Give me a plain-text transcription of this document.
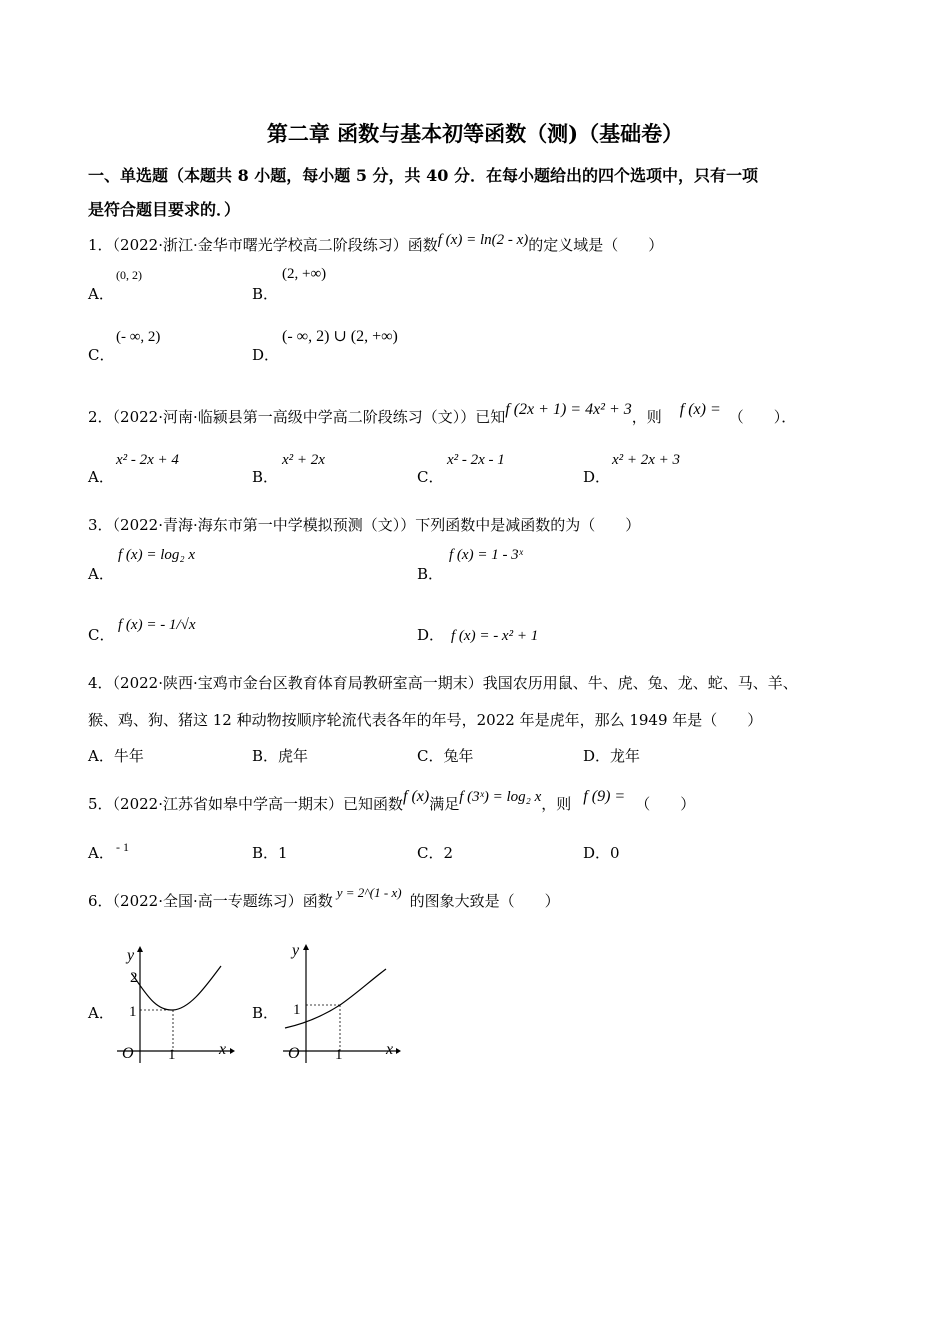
第二章 函数与基本初等函数（测)（基础卷）
一、单选题（本题共 8 小题，每小题 5 分，共 40 分．在每小题给出的四个选项中，只有一项
是符合题目要求的．）
1．（2022·浙江·金华市曙光学校高二阶段练习）函数f (x) = ln(2 - x)的定义域是（　　）
A．
(0, 2)
B．
(2, +∞)
C．
(- ∞, 2)
D．
(- ∞, 2) ∪ (2, +∞)
2．（2022·河南·临颍县第一高级中学高二阶段练习（文））已知f (2x + 1) = 4x² + 3，则 f (x) = （　　）．
A．
x² - 2x + 4
B．
x² + 2x
C．
x² - 2x - 1
D．
x² + 2x + 3
3．（2022·青海·海东市第一中学模拟预测（文））下列函数中是减函数的为（　　）
A．
f (x) = log₂ x
B．
f (x) = 1 - 3ˣ
C．
f (x) = - 1/√x
D． f (x) = - x² + 1
4．（2022·陕西·宝鸡市金台区教育体育局教研室高一期末）我国农历用鼠、牛、虎、兔、龙、蛇、马、羊、
猴、鸡、狗、猪这 12 种动物按顺序轮流代表各年的年号，2022 年是虎年，那么 1949 年是（　　）
A．牛年	B．虎年	C．兔年	D．龙年
5．（2022·江苏省如皋中学高一期末）已知函数f (x)满足f (3ˣ) = log₂ x，则 f (9) = （　　）
A． - 1	B．1	C．2	D．0
6．（2022·全国·高一专题练习）函数 y = 2^(1 - x) 的图象大致是（　　）
A．
y
2
1
O 1	x
B．
y
1
O 1	x
